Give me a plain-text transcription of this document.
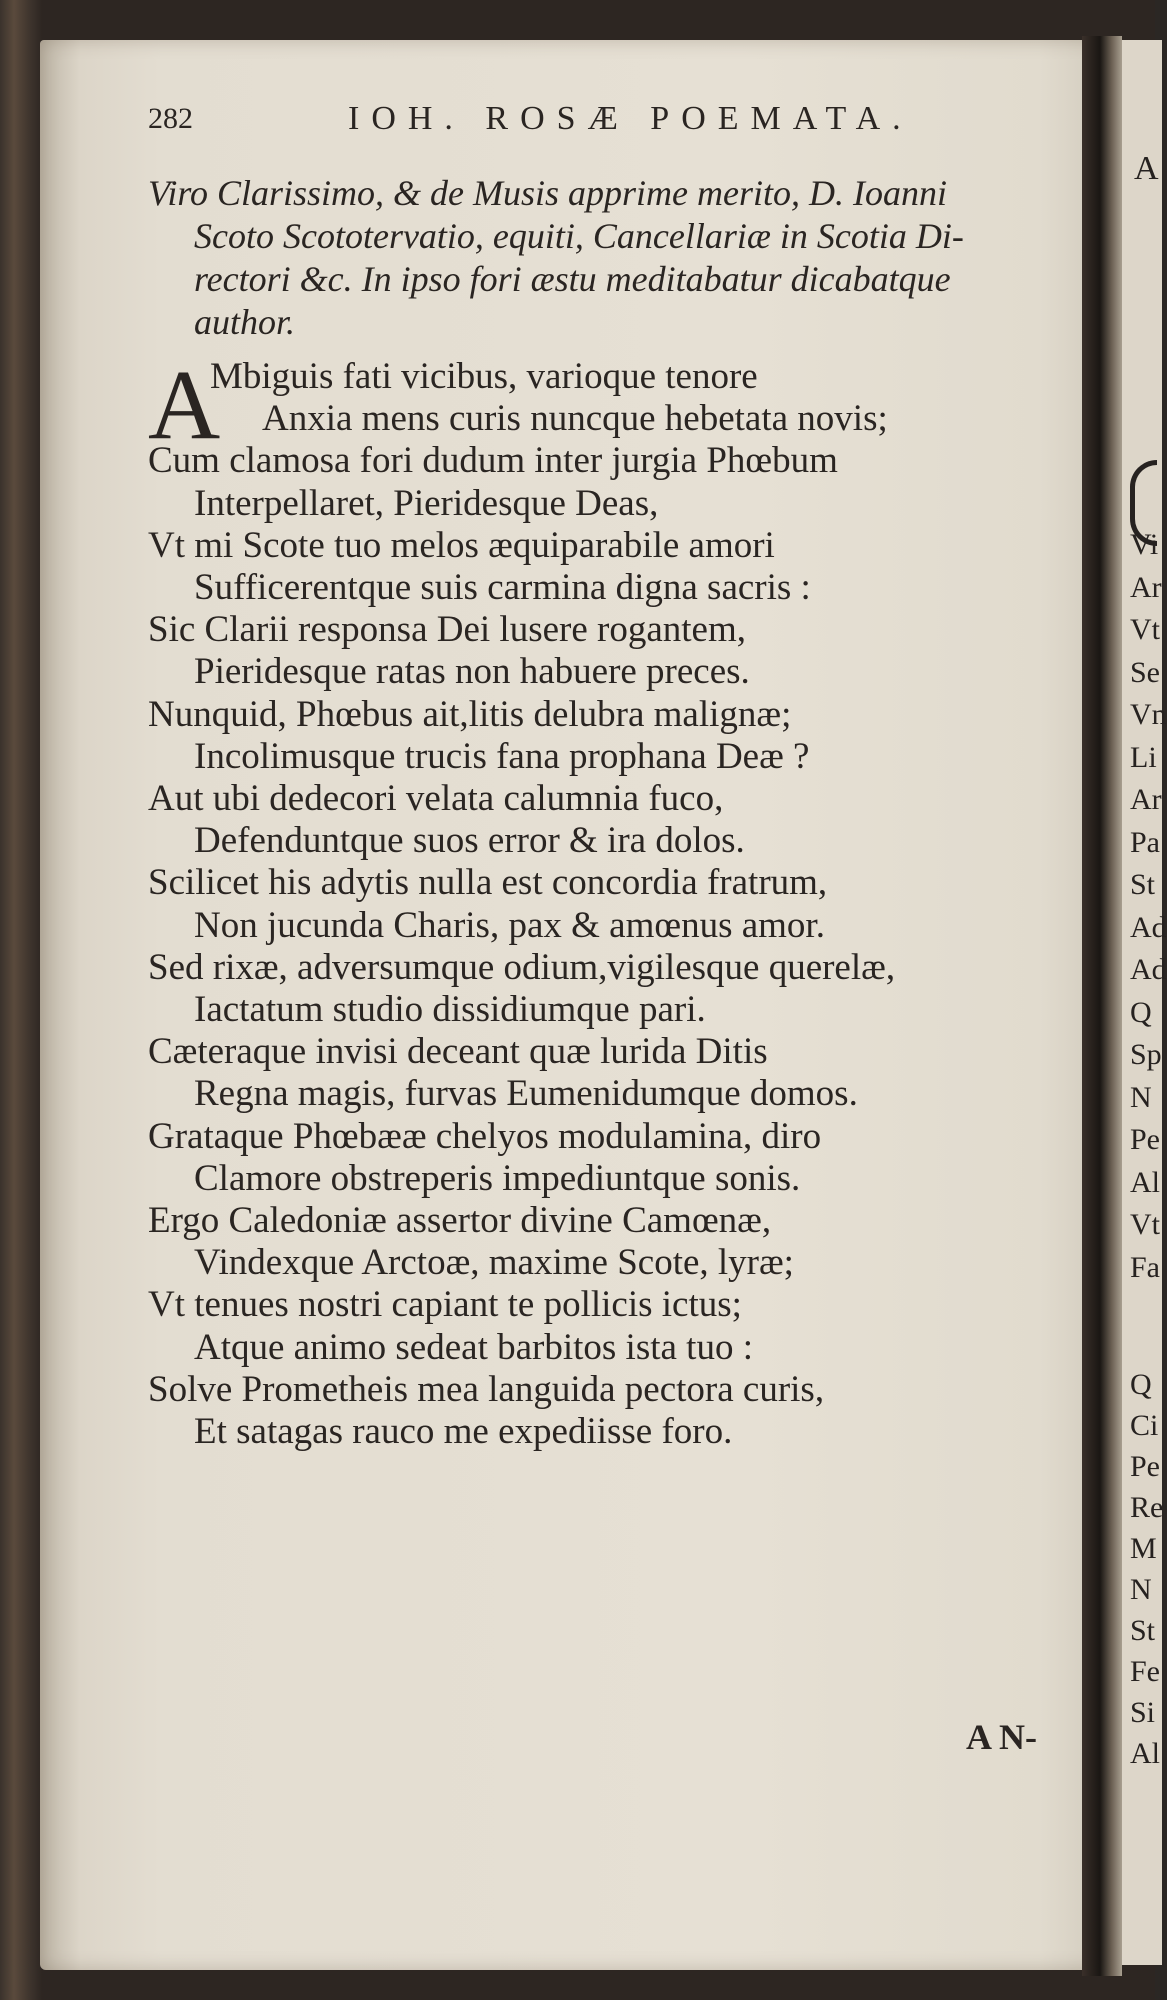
Vi
Ar
Vt
Se
Vn
Li
Ar
Pa
St
Ad
Ad
Q
Sp
N
Pe
Al
Vt
Fa
Q
Ci
Pe
Re
M
N
St
Fe
Si
Al
A
282	IOH. ROSÆ POEMATA.
Viro Clarissimo, & de Musis apprime merito, D. Ioanni
Scoto Scototervatio, equiti, Cancellariæ in Scotia Di-
rectori &c. In ipso fori æstu meditabatur dicabatque
author.
A
Mbiguis fati vicibus, varioque tenore
Anxia mens curis nuncque hebetata novis;
Cum clamosa fori dudum inter jurgia Phœbum
Interpellaret, Pieridesque Deas,
Vt mi Scote tuo melos æquiparabile amori
Sufficerentque suis carmina digna sacris :
Sic Clarii responsa Dei lusere rogantem,
Pieridesque ratas non habuere preces.
Nunquid, Phœbus ait,litis delubra malignæ;
Incolimusque trucis fana prophana Deæ ?
Aut ubi dedecori velata calumnia fuco,
Defenduntque suos error & ira dolos.
Scilicet his adytis nulla est concordia fratrum,
Non jucunda Charis, pax & amœnus amor.
Sed rixæ, adversumque odium,vigilesque querelæ,
Iactatum studio dissidiumque pari.
Cæteraque invisi deceant quæ lurida Ditis
Regna magis, furvas Eumenidumque domos.
Grataque Phœbææ chelyos modulamina, diro
Clamore obstreperis impediuntque sonis.
Ergo Caledoniæ assertor divine Camœnæ,
Vindexque Arctoæ, maxime Scote, lyræ;
Vt tenues nostri capiant te pollicis ictus;
Atque animo sedeat barbitos ista tuo :
Solve Prometheis mea languida pectora curis,
Et satagas rauco me expediisse foro.
A N-
